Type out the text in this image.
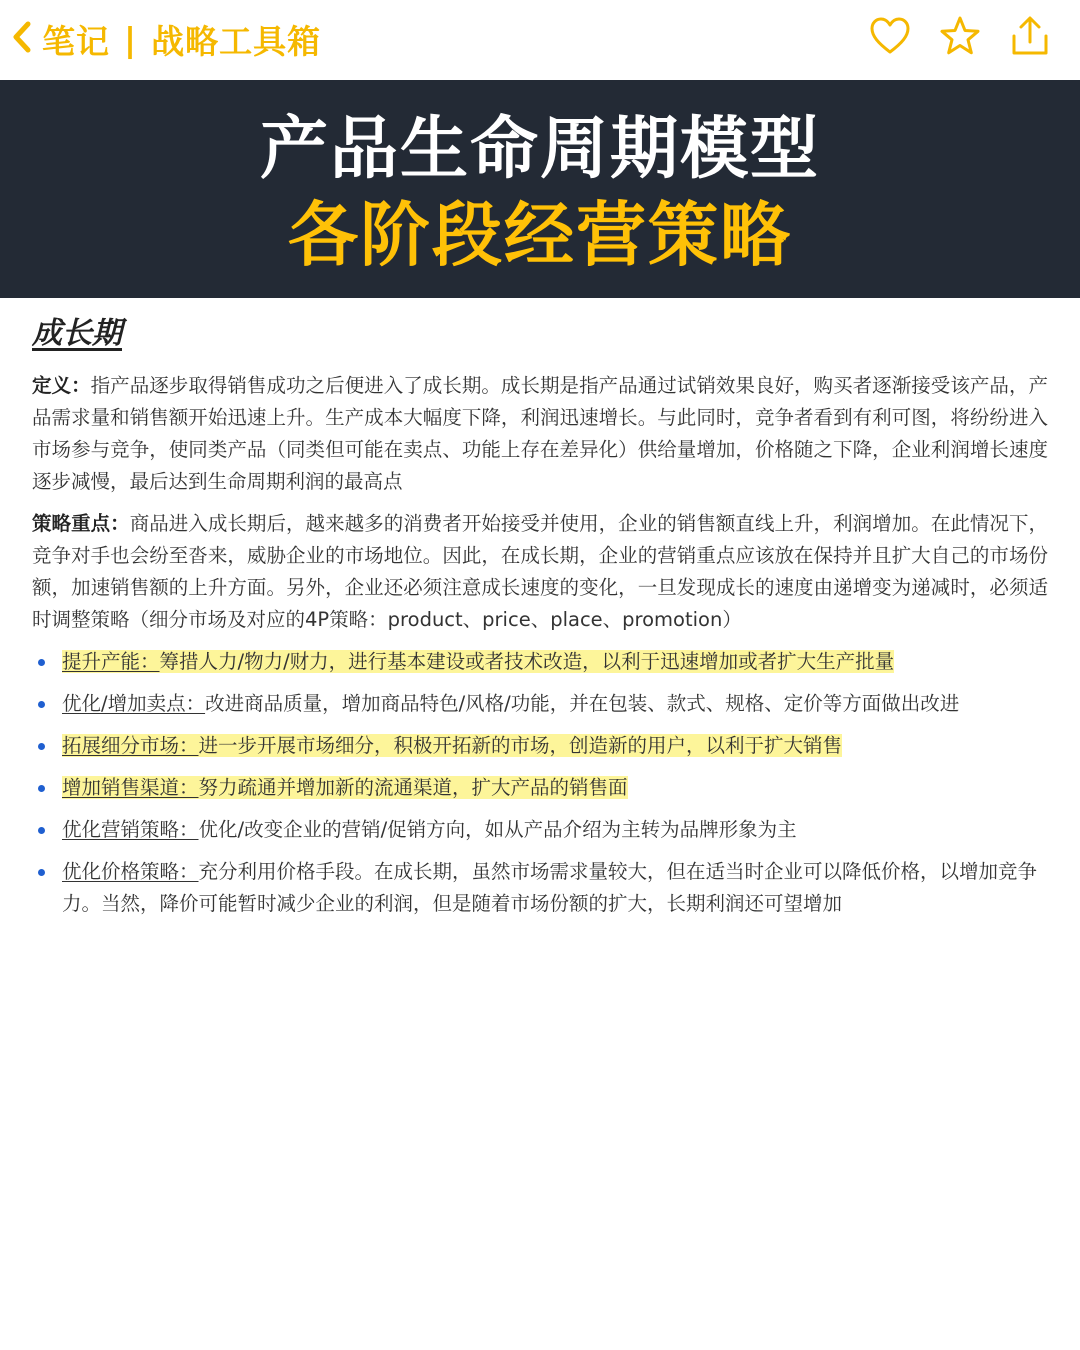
笔记 | 战略工具箱
产品生命周期模型
各阶段经营策略
成长期

定义：指产品逐步取得销售成功之后便进入了成长期。成长期是指产品通过试销效果良好，购买者逐渐接受该产品，产品需求量和销售额开始迅速上升。生产成本大幅度下降，利润迅速增长。与此同时，竞争者看到有利可图，将纷纷进入市场参与竞争，使同类产品（同类但可能在卖点、功能上存在差异化）供给量增加，价格随之下降，企业利润增长速度逐步减慢，最后达到生命周期利润的最高点

策略重点：商品进入成长期后，越来越多的消费者开始接受并使用，企业的销售额直线上升，利润增加。在此情况下，竞争对手也会纷至沓来，威胁企业的市场地位。因此，在成长期，企业的营销重点应该放在保持并且扩大自己的市场份额，加速销售额的上升方面。另外，企业还必须注意成长速度的变化，一旦发现成长的速度由递增变为递减时，必须适时调整策略（细分市场及对应的4P策略：product、price、place、promotion）

提升产能：筹措人力/物力/财力，进行基本建设或者技术改造，以利于迅速增加或者扩大生产批量
优化/增加卖点：改进商品质量，增加商品特色/风格/功能，并在包装、款式、规格、定价等方面做出改进
拓展细分市场：进一步开展市场细分，积极开拓新的市场，创造新的用户，以利于扩大销售
增加销售渠道：努力疏通并增加新的流通渠道，扩大产品的销售面
优化营销策略：优化/改变企业的营销/促销方向，如从产品介绍为主转为品牌形象为主
优化价格策略：充分利用价格手段。在成长期，虽然市场需求量较大，但在适当时企业可以降低价格，以增加竞争力。当然，降价可能暂时减少企业的利润，但是随着市场份额的扩大，长期利润还可望增加
